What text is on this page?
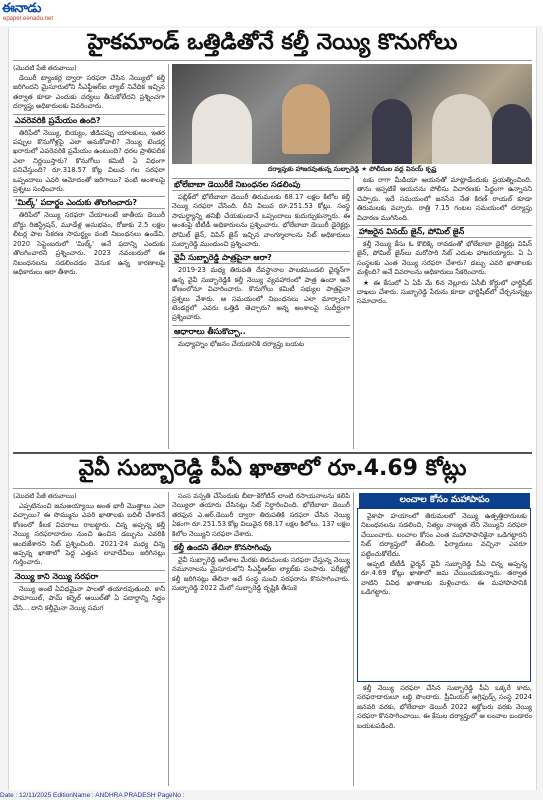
ఈనాడు
epaper.eenadu.net
హైకమాండ్ ఒత్తిడితోనే కల్తీ నెయ్యి కొనుగోలు

(మొదటి పేజీ తరువాయి)

డెయిరీ ట్యాంకర్ల ద్వారా సరఫరా చేసిన నెయ్యిలో కల్తీ జరిగిందని మైసూరులోని సీఎఫ్టీఆర్ఐ ల్యాబ్ నివేదిక ఇచ్చిన తర్వాత కూడా ఎందుకు చర్యలు తీసుకోలేదని ప్రశ్నించగా దర్యాప్తు అధికారులకు వివరించారు.

ఎవరెవరికి ప్రమేయం ఉంది?

తిరిపేలో నెయ్యి, బియ్యం, జీడిపప్పు యాలకులు, ఇతర పప్పుల కొనుగోళ్లపై ఎలా అనుకోవాలి? నెయ్యి టెండర్ల ఖరారులో ఎవరెవరికి ప్రమేయం ఉంటుంది? ధరల ప్రాతిపదిక ఎలా నిర్ణయిస్తారు? కొనుగోలు కమిటీ ఏ విధంగా పనిచేస్తుంది? రూ.318.57 కోట్ల విలువ గల సరఫరా ఒప్పందాలు ఎవరి ఆమోదంతో జరిగాయి? వంటి అంశాలపై ప్రశ్నలు సంధించారు.

'మిల్క్' పదార్థం ఎందుకు తొలగించారు?

తిరిపేలో నెయ్యి సరఫరా చేయాలంటే జాతీయ డెయిరీ బోర్డు రిజిస్ట్రేషన్, మూడేళ్ల అనుభవం, రోజుకు 2.5 లక్షల లీటర్ల పాల సేకరణ సామర్థ్యం వంటి నిబంధనలు ఉండేవి. 2020 సెప్టెంబరులో 'మిల్క్' అనే పదాన్ని ఎందుకు తొలగించారని ప్రశ్నించారు. 2023 నవంబరులో ఈ నిబంధనలను సడలించడం వెనుక ఉన్న కారణాలపై అధికారులు ఆరా తీశారు.

దర్యాప్తుకు హాజరవుతున్న సుబ్బారెడ్డి ★ పోలీసుల వద్ద వినయ్ కృష్ణ
భోలేబాబా డెయిరీకే నిబంధనల సడలింపు

పబ్లిక్‌లో భోలేబాబా డెయిరీ తిరుమలకు 68.17 లక్షల కిలోల కల్తీ నెయ్యి సరఫరా చేసింది. దీని విలువ రూ.251.53 కోట్లు. సంస్థ సామర్థ్యాన్ని తనిఖీ చేయకుండానే ఒప్పందాలు కుదుర్చుకున్నారు. ఈ అంశంపై టీటీడీ అధికారులను ప్రశ్నించారు. భోలేబాబా డెయిరీ డైరెక్టర్లు పోమిల్ జైన్, విపిన్ జైన్ ఇచ్చిన వాంగ్మూలాలను సిట్ అధికారులు సుబ్బారెడ్డి ముందుంచి ప్రశ్నించారు.

వైవీ సుబ్బారెడ్డి పాత్రపైనా ఆరా?

2019-23 మధ్య తిరుపతి దేవస్థానాల పాలకమండలి ఛైర్మన్‌గా ఉన్న వైవీ సుబ్బారెడ్డికి కల్తీ నెయ్యి వ్యవహారంలో పాత్ర ఉందా అనే కోణంలోనూ విచారించారు. కొనుగోలు కమిటీ సభ్యుల పాత్రపైనా ప్రశ్నలు వేశారు. ఆ సమయంలో నిబంధనలు ఎలా మార్చారు? టెండర్లలో ఎవరు ఒత్తిడి తెచ్చారు? అన్న అంశాలపై సుదీర్ఘంగా ప్రశ్నించారు.

ఆధారాలు తీసుకొచ్చా..

మధ్యాహ్నం భోజనం చేయడానికి దర్యాప్తు బయట

టకు రాగా మీడియా ఆయనతో మాట్లాడేందుకు ప్రయత్నించింది. తాను ఇప్పటికే ఆయనను పోలీసు విచారణకు సిద్ధంగా ఉన్నానని చెప్పారు. ఇదే సమయంలో జనసేన నేత కిరణ్ రాయల్ కూడా తిరుమలకు వచ్చారు. రాత్రి 7.15 గంటల సమయంలో దర్యాప్తు విచారణ ముగిసింది.

హాజరైన వినయ్ జైన్, పోమిల్ జైన్

కల్తీ నెయ్యి కేసు ఓ కొలిక్కి రావడంతో భోలేబాబా డైరెక్టర్లు విపిన్ జైన్, పోమిల్ జైన్‌లు మరోసారి సిట్ ఎదుట హాజరయ్యారు. ఏ ఏ సంస్థలకు ఎంత నెయ్యి సరఫరా చేశారు? డబ్బు ఎవరి ఖాతాలకు మళ్లింది? అనే వివరాలను అధికారులు సేకరించారు.

★ ఈ కేసులో ఏ ఏపీ మే 6న నెల్లూరు ఏసీబీ కోర్టులో ఛార్జిషీట్ దాఖలు చేశారు. సుబ్బారెడ్డి పేరును కూడా ఛార్జిషీట్‌లో చేర్చనున్నట్టు సమాచారం.

వైవీ సుబ్బారెడ్డి పీఏ ఖాతాలో రూ.4.69 కోట్లు

(మొదటి పేజీ తరువాయి)

ఎప్పటినుంచి జమఅయ్యాయి అంత భారీ మొత్తాలు ఎలా వచ్చాయి? ఈ సొమ్మును ఎవరి ఖాతాలకు బదిలీ చేశారనే కోణంలో కీలక వివరాలు రాబట్టారు. చిన్న అప్పన్న కల్తీ నెయ్యి సరఫరాదారుల నుంచి ఉంచిన డబ్బును ఎవరికి అందజేశారని సిట్ ప్రశ్నించింది. 2021-24 మధ్య చిన్న అప్పన్న ఖాతాలో పెద్ద ఎత్తున లావాదేవీలు జరిగినట్లు గుర్తించారు.

నెయ్యి కాని నెయ్యి సరఫరా

నెయ్యి అంటే ఏవిధమైనా పాలతో తయారవుతుంది. కానీ పామాయిల్, పామ్ కర్నెల్ ఆయిల్‌తో ఏ పదార్థాన్ని సిద్ధం చేసి... దాని కల్తీమైనా నెయ్యి సమగ

సంస వస్పతి చేసేందుకు బీటా-కెరోటిన్ లాంటి రసాయనాలను కలిపి నెయ్యిలా తయారు చేసినట్లు సిట్ నిర్ధారించింది. భోలేబాబా డెయిరీ తరఫున ఎ.ఆర్.డెయిరీ ద్వారా తిరుపతికి సరఫరా చేసిన నెయ్యి ఏకంగా రూ.251.53 కోట్ల విలువైన 68.17 లక్షల కిలోలు. 137 లక్షల కిలోల నెయ్యిని సరఫరా చేశారు.

కల్తీ ఉందని తేలినా కొనసాగింపు

వైవీ సుబ్బారెడ్డి ఆదేశాల మేరకు తిరుమలకు సరఫరా చేస్తున్న నెయ్యి నమూనాలను మైసూరులోని సీఎఫ్టీఆర్ఐ ల్యాబ్‌కు పంపారు. పరీక్షల్లో కల్తీ జరిగినట్లు తేలినా అదే సంస్థ నుంచి సరఫరాను కొనసాగించారు. సుబ్బారెడ్డి 2022 మేలో సుబ్బారెడ్డి దృష్టికి తీసుకె

లంచాల కోసం మహాపాపం

వైకాపా హయాంలో తిరుమలలో నెయ్యి ఉత్పత్తిదారులకు నిబంధనలను సడలించి, నిత్యం నాణ్యత లేని నెయ్యిని సరఫరా చేయించారు. లంచాల కోసం ఎంత మహాపాపానికైనా ఒడిగట్టారని సిట్ దర్యాప్తులో తేలింది. ఫిర్యాదులు వచ్చినా ఎవరూ పట్టించుకోలేదు.

అప్పటి టీటీడీ ఛైర్మన్ వైవీ సుబ్బారెడ్డి పీఏ చిన్న అప్పన్న రూ.4.69 కోట్లు ఖాతాలో జమ చేయించుకున్నారు. తర్వాత వాటిని వివిధ ఖాతాలకు మళ్లించారు. ఈ మహాపాపానికి ఒడిగట్టారు.

కల్తీ నెయ్యి సరఫరా చేసిన సుబ్బారెడ్డి పీఏ ఒక్కరే కాదు, సరఫరాదారులూ లబ్ధి పొందారు. ప్రీమియర్ అగ్రిఫుడ్స్ సంస్థ 2024 జనవరి వరకు, భోలేబాబా డెయిరీ 2022 అక్టోబరు వరకు నెయ్యి సరఫరా కొనసాగించాయి. ఈ కేసుల దర్యాప్తులో ఆ లంచాల బండారం బయటపడింది.

Date : 12/11/2025 EditionName : ANDHRA PRADESH PageNo :
